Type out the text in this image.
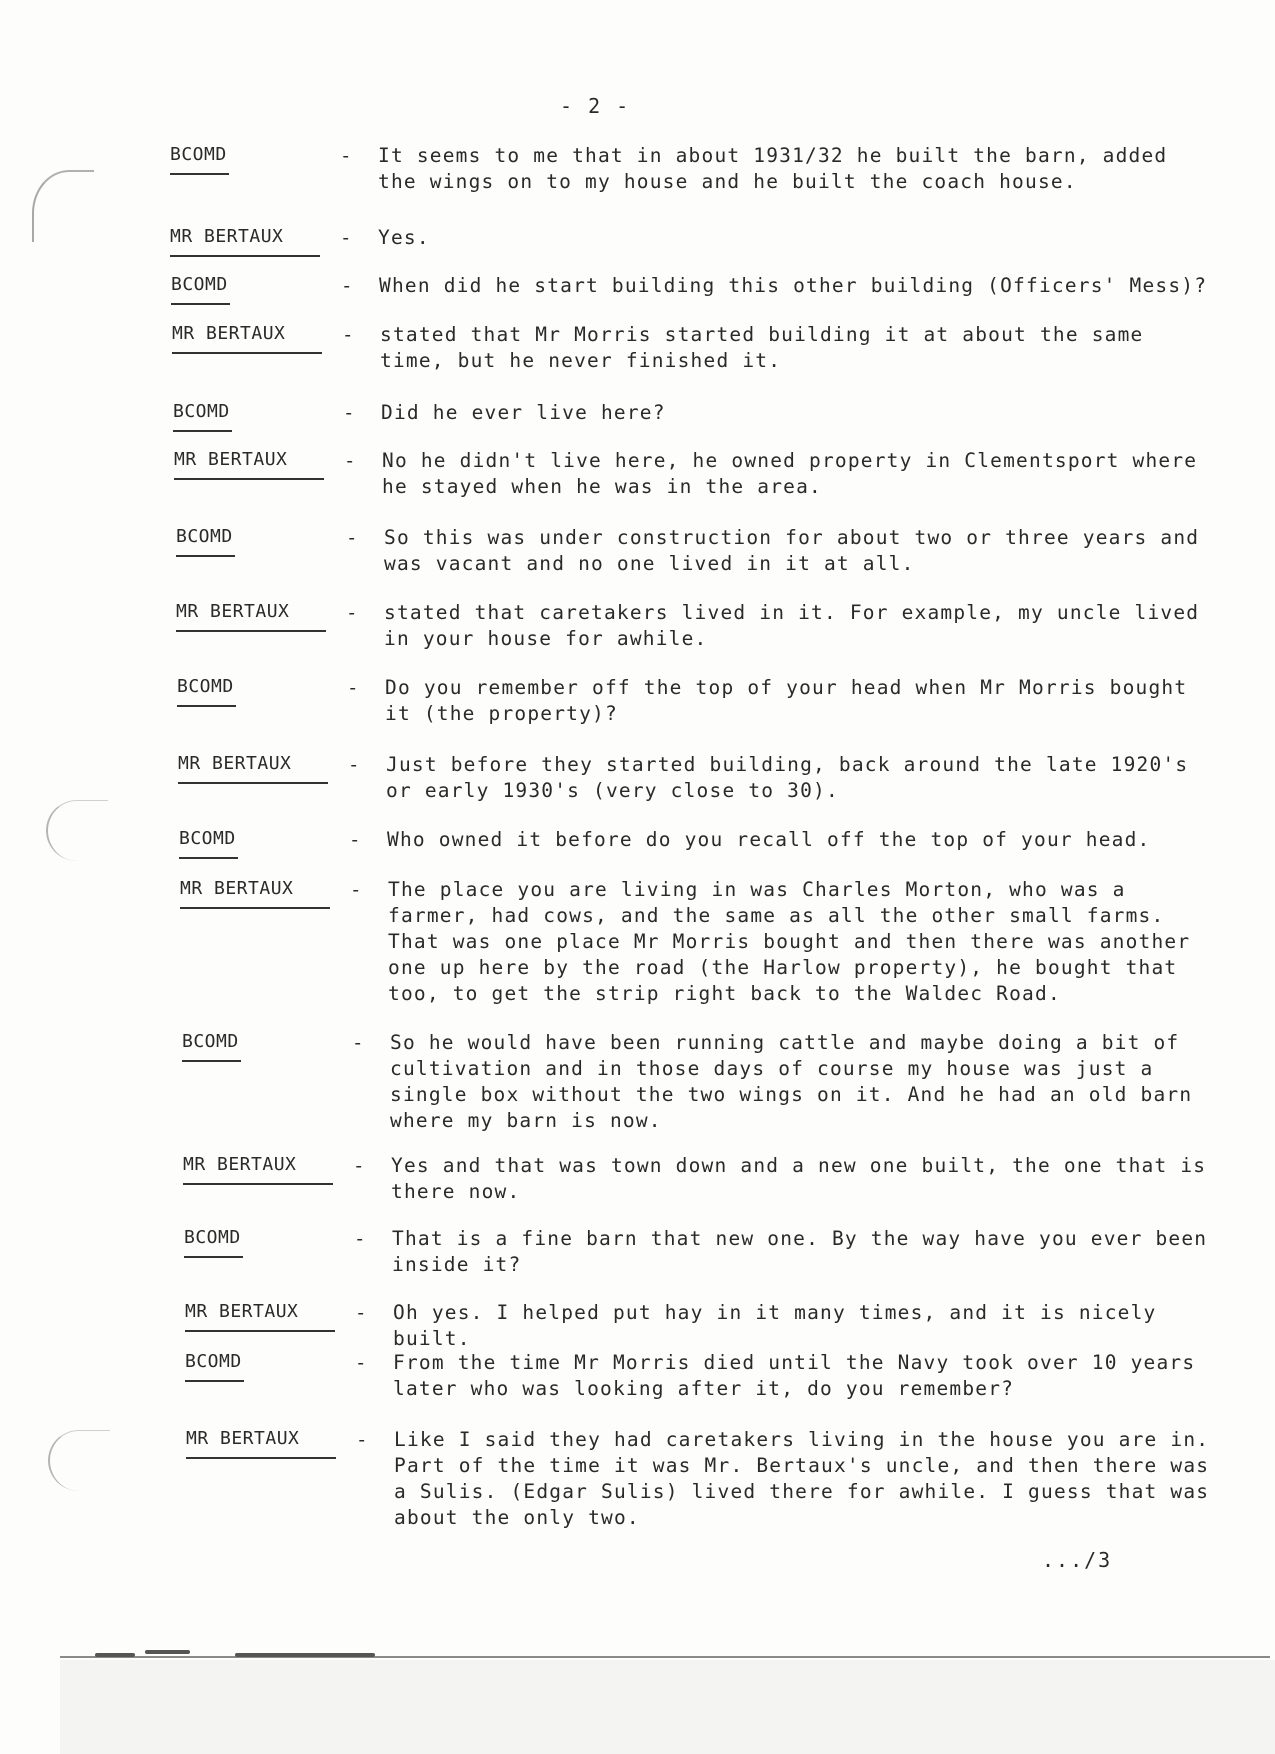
- 2 -
BCOMD	-	It seems to me that in about 1931/32 he built the barn, added the wings on to my house and he built the coach house.
MR BERTAUX	-	Yes.
BCOMD	-	When did he start building this other building (Officers' Mess)?
MR BERTAUX	-	stated that Mr Morris started building it at about the same time, but he never finished it.
BCOMD	-	Did he ever live here?
MR BERTAUX	-	No he didn't live here, he owned property in Clementsport where he stayed when he was in the area.
BCOMD	-	So this was under construction for about two or three years and was vacant and no one lived in it at all.
MR BERTAUX	-	stated that caretakers lived in it. For example, my uncle lived in your house for awhile.
BCOMD	-	Do you remember off the top of your head when Mr Morris bought it (the property)?
MR BERTAUX	-	Just before they started building, back around the late 1920's or early 1930's (very close to 30).
BCOMD	-	Who owned it before do you recall off the top of your head.
MR BERTAUX	-	The place you are living in was Charles Morton, who was a farmer, had cows, and the same as all the other small farms. That was one place Mr Morris bought and then there was another one up here by the road (the Harlow property), he bought that too, to get the strip right back to the Waldec Road.
BCOMD	-	So he would have been running cattle and maybe doing a bit of cultivation and in those days of course my house was just a single box without the two wings on it. And he had an old barn where my barn is now.
MR BERTAUX	-	Yes and that was town down and a new one built, the one that is there now.
BCOMD	-	That is a fine barn that new one. By the way have you ever been inside it?
MR BERTAUX	-	Oh yes. I helped put hay in it many times, and it is nicely built.
BCOMD	-	From the time Mr Morris died until the Navy took over 10 years later who was looking after it, do you remember?
MR BERTAUX	-	Like I said they had caretakers living in the house you are in. Part of the time it was Mr. Bertaux's uncle, and then there was a Sulis. (Edgar Sulis) lived there for awhile. I guess that was about the only two.
.../3
